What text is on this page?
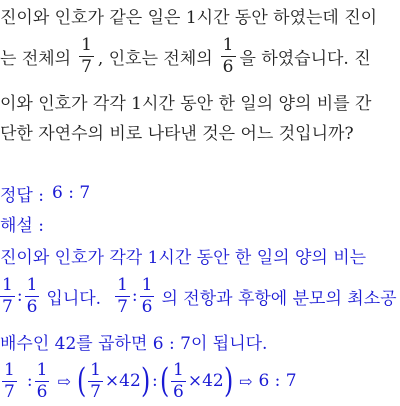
진이와 인호가 같은 일은 1시간 동안 하였는데 진이
는 전체의 $\frac{1}{7}$ , 인호는 전체의 $\frac{1}{6}$ 을 하였습니다. 진
이와 인호가 각각 1시간 동안 한 일의 양의 비를 간
단한 자연수의 비로 나타낸 것은 어느 것입니까?
정답 : 6 : 7
해설 :
진이와 인호가 각각 1시간 동안 한 일의 양의 비는
$\frac{1}{7}$ : $\frac{1}{6}$ 입니다. $\frac{1}{7}$ : $\frac{1}{6}$ 의 전항과 후항에 분모의 최소공
배수인 42를 곱하면 6 : 7이 됩니다.
$\frac{1}{7}$ : $\frac{1}{6}$ ⇨ ( $\frac{1}{7} \times 42$ ) : ( $\frac{1}{6} \times 42$ ) ⇨ 6 : 7
